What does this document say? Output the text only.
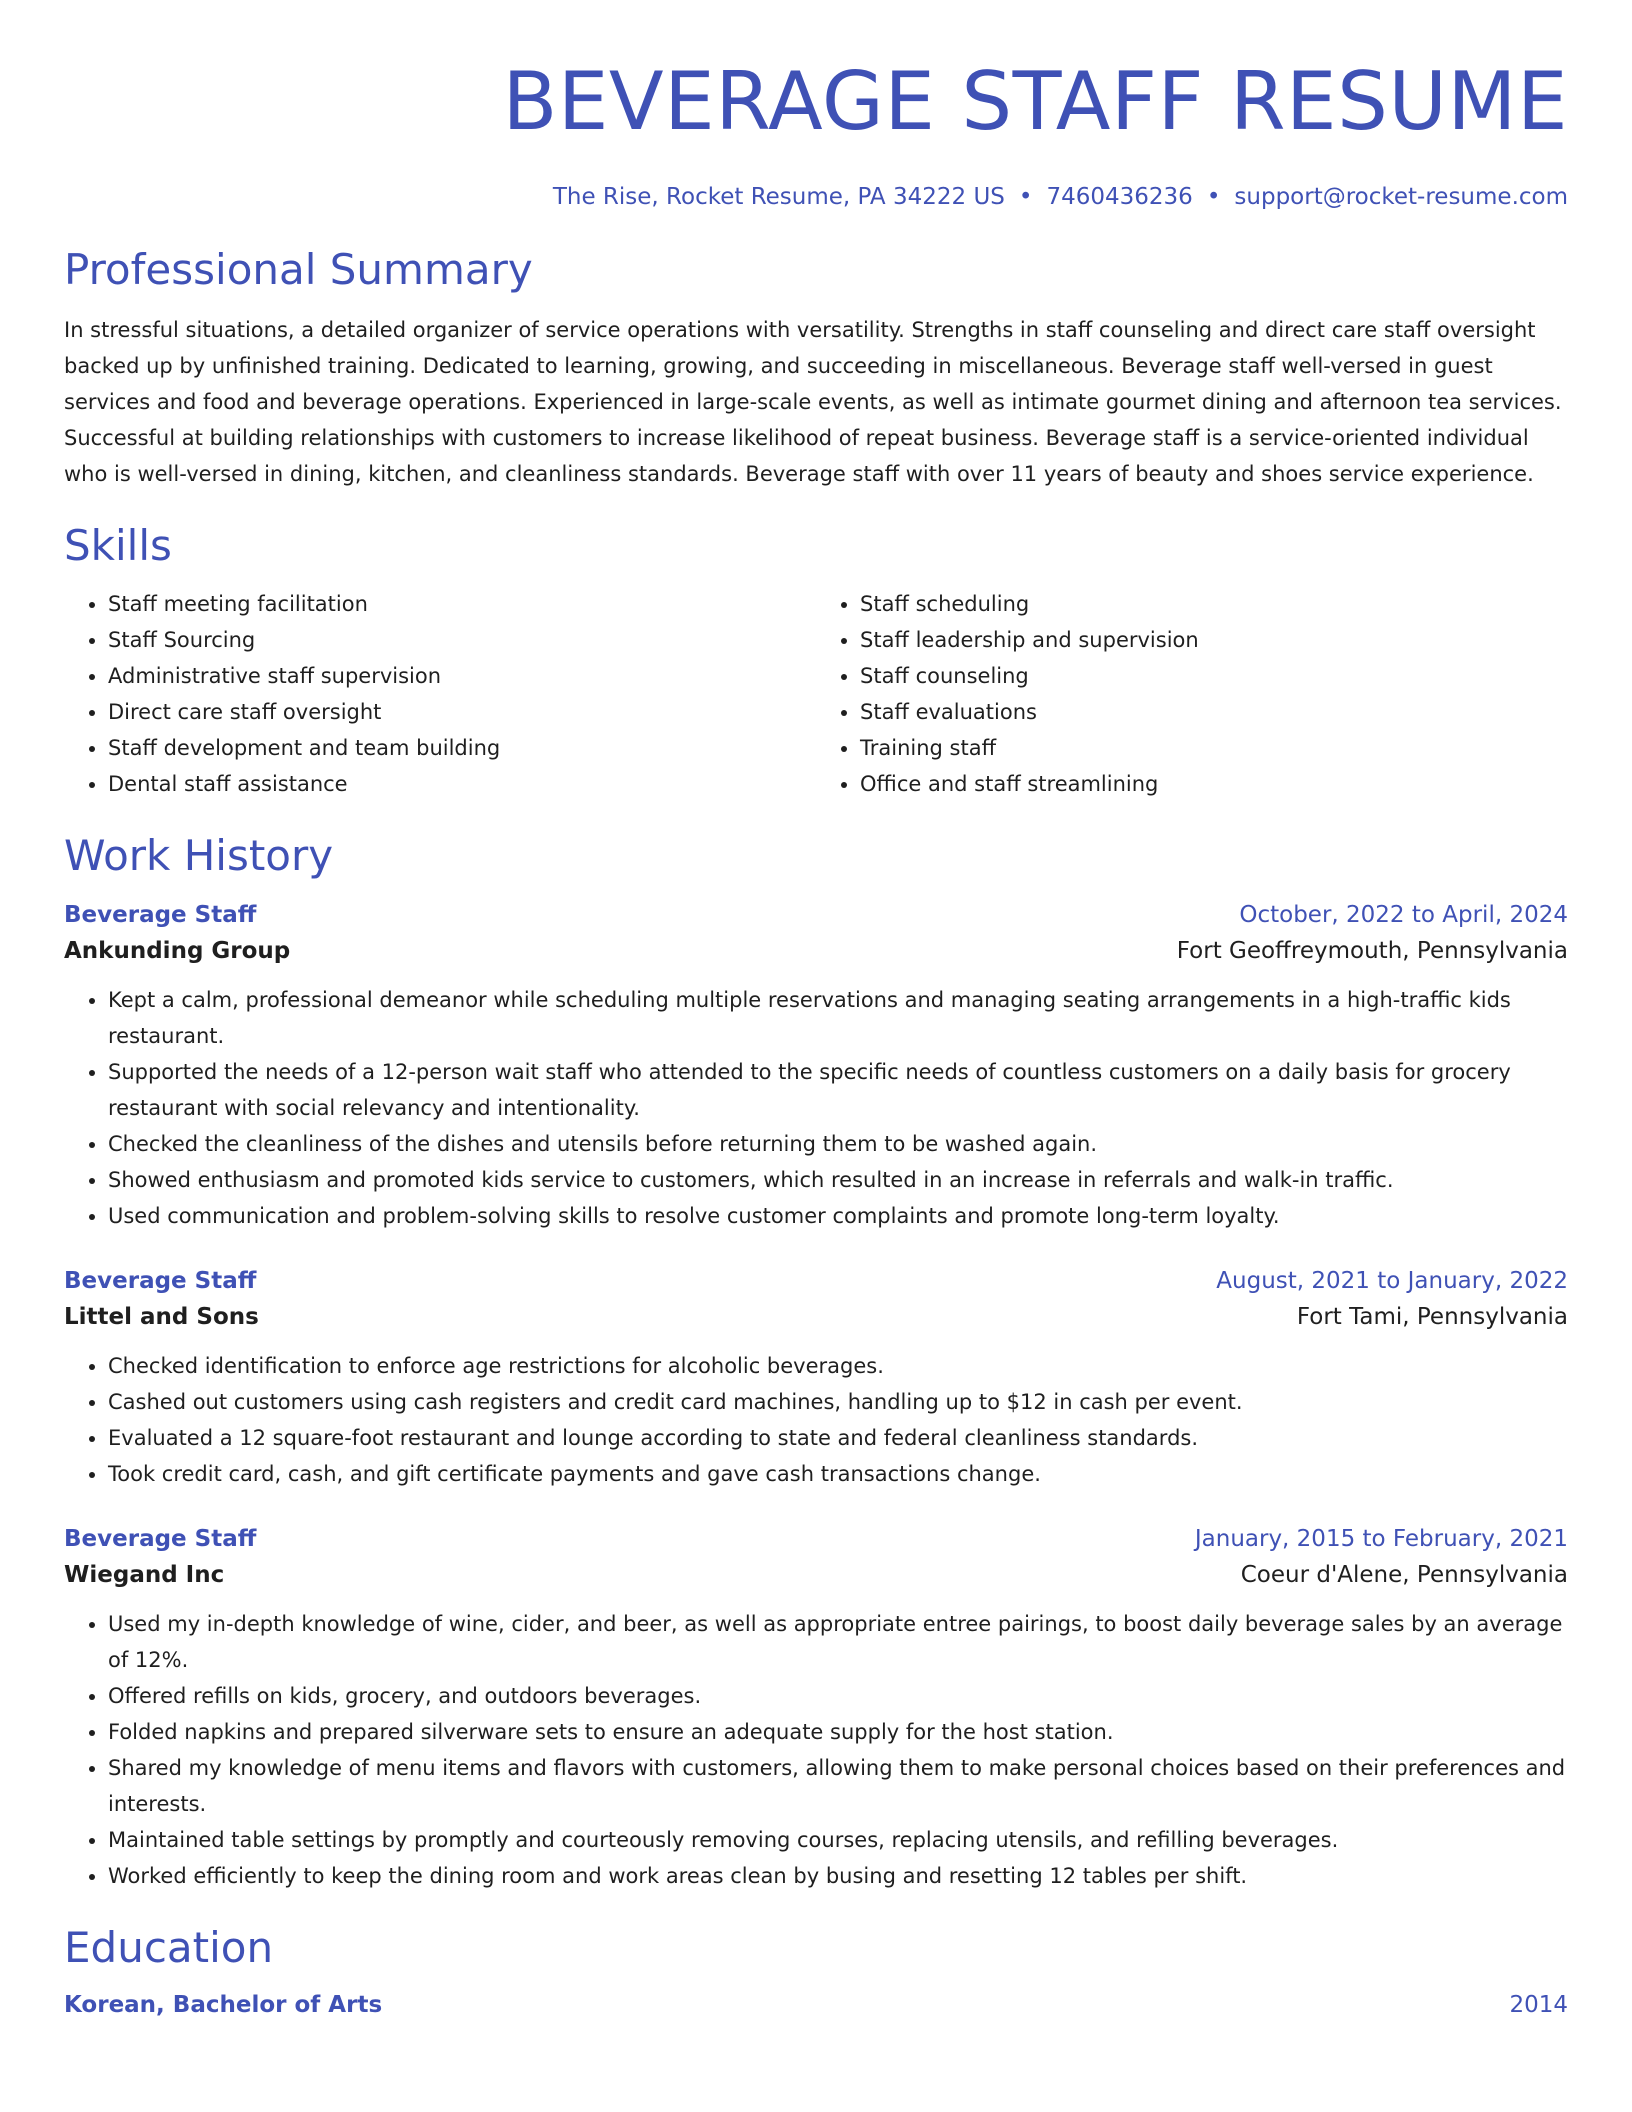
BEVERAGE STAFF RESUME
The Rise, Rocket Resume, PA 34222 US • 7460436236 • support@rocket-resume.com
Professional Summary
In stressful situations, a detailed organizer of service operations with versatility. Strengths in staff counseling and direct care staff oversight backed up by unfinished training. Dedicated to learning, growing, and succeeding in miscellaneous. Beverage staff well-versed in guest services and food and beverage operations. Experienced in large-scale events, as well as intimate gourmet dining and afternoon tea services. Successful at building relationships with customers to increase likelihood of repeat business. Beverage staff is a service-oriented individual who is well-versed in dining, kitchen, and cleanliness standards. Beverage staff with over 11 years of beauty and shoes service experience.
Skills
• Staff meeting facilitation
• Staff Sourcing
• Administrative staff supervision
• Direct care staff oversight
• Staff development and team building
• Dental staff assistance
• Staff scheduling
• Staff leadership and supervision
• Staff counseling
• Staff evaluations
• Training staff
• Office and staff streamlining
Work History
Beverage Staff	October, 2022 to April, 2024
Ankunding Group	Fort Geoffreymouth, Pennsylvania
• Kept a calm, professional demeanor while scheduling multiple reservations and managing seating arrangements in a high-traffic kids restaurant.
• Supported the needs of a 12-person wait staff who attended to the specific needs of countless customers on a daily basis for grocery restaurant with social relevancy and intentionality.
• Checked the cleanliness of the dishes and utensils before returning them to be washed again.
• Showed enthusiasm and promoted kids service to customers, which resulted in an increase in referrals and walk-in traffic.
• Used communication and problem-solving skills to resolve customer complaints and promote long-term loyalty.
Beverage Staff	August, 2021 to January, 2022
Littel and Sons	Fort Tami, Pennsylvania
• Checked identification to enforce age restrictions for alcoholic beverages.
• Cashed out customers using cash registers and credit card machines, handling up to $12 in cash per event.
• Evaluated a 12 square-foot restaurant and lounge according to state and federal cleanliness standards.
• Took credit card, cash, and gift certificate payments and gave cash transactions change.
Beverage Staff	January, 2015 to February, 2021
Wiegand Inc	Coeur d'Alene, Pennsylvania
• Used my in-depth knowledge of wine, cider, and beer, as well as appropriate entree pairings, to boost daily beverage sales by an average of 12%.
• Offered refills on kids, grocery, and outdoors beverages.
• Folded napkins and prepared silverware sets to ensure an adequate supply for the host station.
• Shared my knowledge of menu items and flavors with customers, allowing them to make personal choices based on their preferences and interests.
• Maintained table settings by promptly and courteously removing courses, replacing utensils, and refilling beverages.
• Worked efficiently to keep the dining room and work areas clean by busing and resetting 12 tables per shift.
Education
Korean, Bachelor of Arts	2014
